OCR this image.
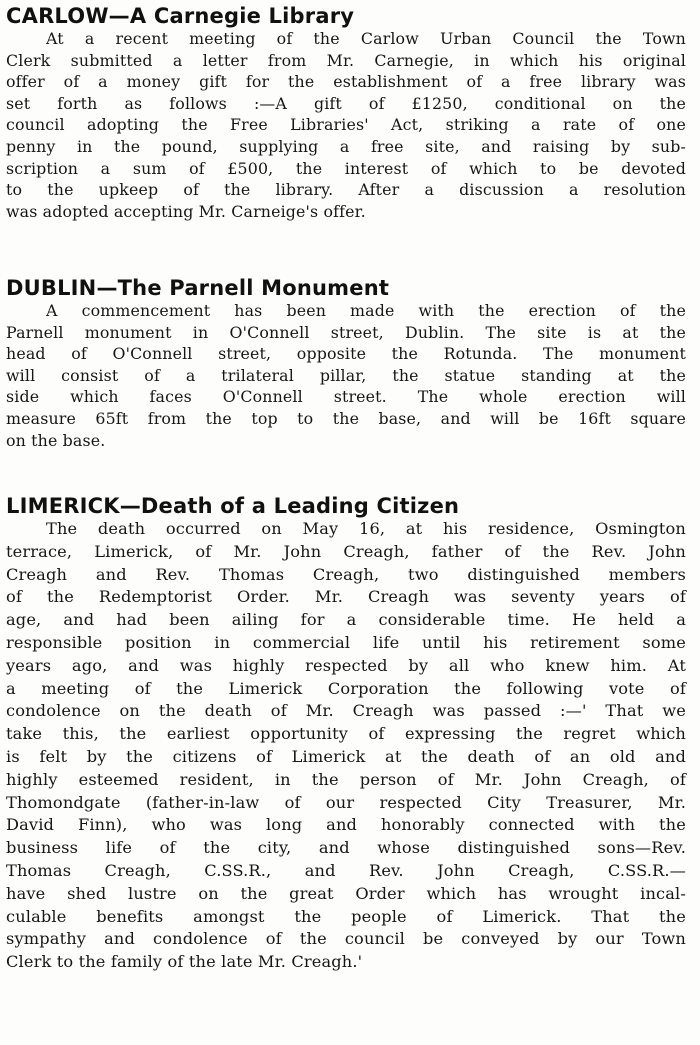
CARLOW—A Carnegie Library
At a recent meeting of the Carlow Urban Council the Town
Clerk submitted a letter from Mr. Carnegie, in which his original
offer of a money gift for the establishment of a free library was
set forth as follows :—A gift of £1250, conditional on the
council adopting the Free Libraries' Act, striking a rate of one
penny in the pound, supplying a free site, and raising by sub-
scription a sum of £500, the interest of which to be devoted
to the upkeep of the library. After a discussion a resolution
was adopted accepting Mr. Carneige's offer.
DUBLIN—The Parnell Monument
A commencement has been made with the erection of the
Parnell monument in O'Connell street, Dublin. The site is at the
head of O'Connell street, opposite the Rotunda. The monument
will consist of a trilateral pillar, the statue standing at the
side which faces O'Connell street. The whole erection will
measure 65ft from the top to the base, and will be 16ft square
on the base.
LIMERICK—Death of a Leading Citizen
The death occurred on May 16, at his residence, Osmington
terrace, Limerick, of Mr. John Creagh, father of the Rev. John
Creagh and Rev. Thomas Creagh, two distinguished members
of the Redemptorist Order. Mr. Creagh was seventy years of
age, and had been ailing for a considerable time. He held a
responsible position in commercial life until his retirement some
years ago, and was highly respected by all who knew him. At
a meeting of the Limerick Corporation the following vote of
condolence on the death of Mr. Creagh was passed :—' That we
take this, the earliest opportunity of expressing the regret which
is felt by the citizens of Limerick at the death of an old and
highly esteemed resident, in the person of Mr. John Creagh, of
Thomondgate (father-in-law of our respected City Treasurer, Mr.
David Finn), who was long and honorably connected with the
business life of the city, and whose distinguished sons—Rev.
Thomas Creagh, C.SS.R., and Rev. John Creagh, C.SS.R.—
have shed lustre on the great Order which has wrought incal-
culable benefits amongst the people of Limerick. That the
sympathy and condolence of the council be conveyed by our Town
Clerk to the family of the late Mr. Creagh.'
